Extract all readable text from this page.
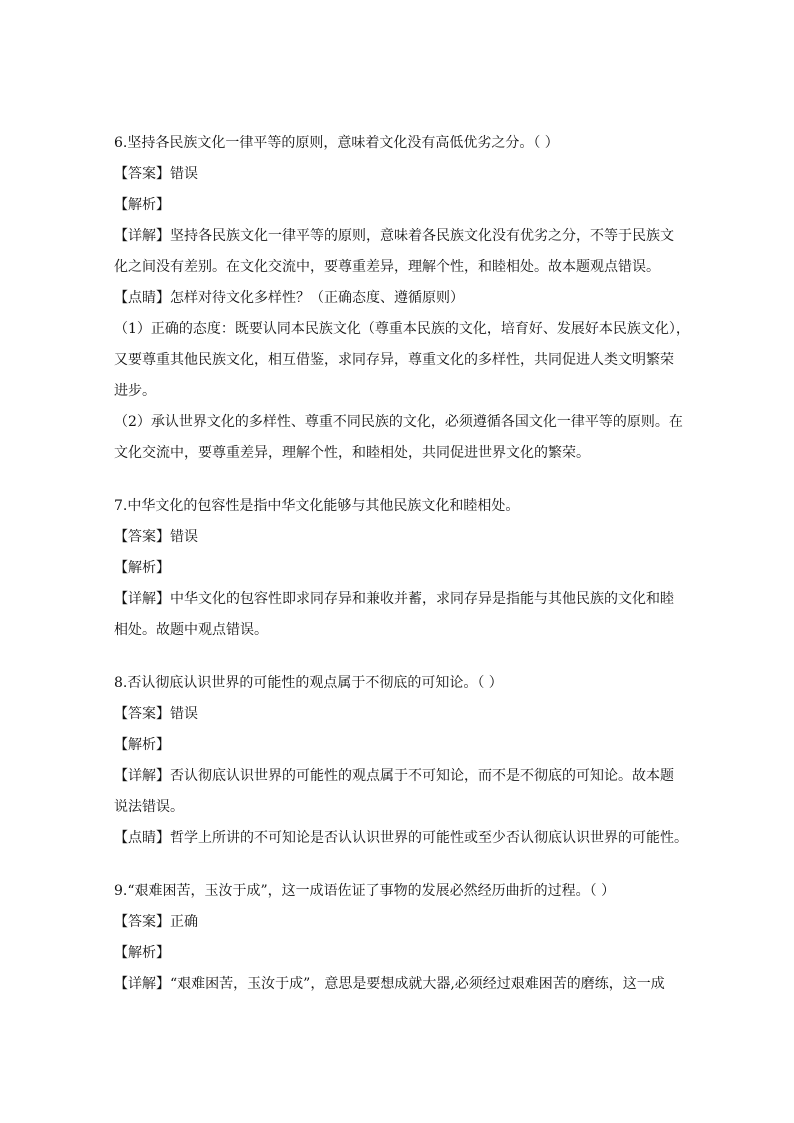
6.坚持各民族文化一律平等的原则，意味着文化没有高低优劣之分。（ ）
【答案】错误
【解析】
【详解】坚持各民族文化一律平等的原则，意味着各民族文化没有优劣之分，不等于民族文
化之间没有差别。在文化交流中，要尊重差异，理解个性，和睦相处。故本题观点错误。
【点睛】怎样对待文化多样性？（正确态度、遵循原则）
（1）正确的态度：既要认同本民族文化（尊重本民族的文化，培育好、发展好本民族文化），
又要尊重其他民族文化，相互借鉴，求同存异，尊重文化的多样性，共同促进人类文明繁荣
进步。
（2）承认世界文化的多样性、尊重不同民族的文化，必须遵循各国文化一律平等的原则。在
文化交流中，要尊重差异，理解个性，和睦相处，共同促进世界文化的繁荣。
7.中华文化的包容性是指中华文化能够与其他民族文化和睦相处。
【答案】错误
【解析】
【详解】中华文化的包容性即求同存异和兼收并蓄，求同存异是指能与其他民族的文化和睦
相处。故题中观点错误。
8.否认彻底认识世界的可能性的观点属于不彻底的可知论。（ ）
【答案】错误
【解析】
【详解】否认彻底认识世界的可能性的观点属于不可知论，而不是不彻底的可知论。故本题
说法错误。
【点睛】哲学上所讲的不可知论是否认认识世界的可能性或至少否认彻底认识世界的可能性。
9.“艰难困苦，玉汝于成”，这一成语佐证了事物的发展必然经历曲折的过程。（ ）
【答案】正确
【解析】
【详解】“艰难困苦，玉汝于成”，意思是要想成就大器,必须经过艰难困苦的磨练，这一成
